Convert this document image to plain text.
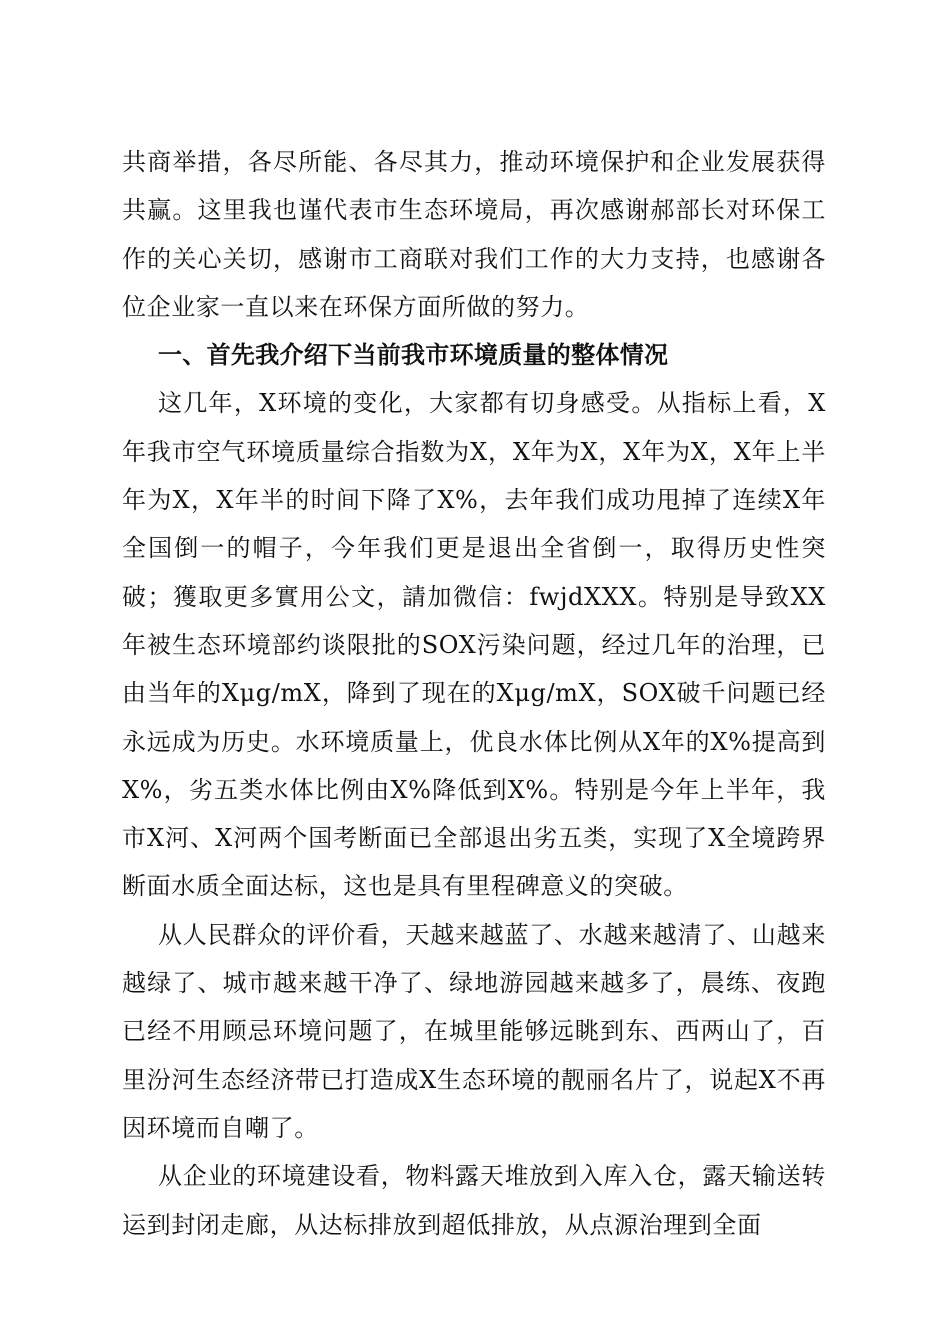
共商举措，各尽所能、各尽其力，推动环境保护和企业发展获得共赢。这里我也谨代表市生态环境局，再次感谢郝部长对环保工作的关心关切，感谢市工商联对我们工作的大力支持，也感谢各位企业家一直以来在环保方面所做的努力。

一、首先我介绍下当前我市环境质量的整体情况

这几年，X环境的变化，大家都有切身感受。从指标上看，X年我市空气环境质量综合指数为X，X年为X，X年为X，X年上半年为X，X年半的时间下降了X%，去年我们成功甩掉了连续X年全国倒一的帽子，今年我们更是退出全省倒一，取得历史性突破；獲取更多實用公文，請加微信：fwjdXXX。特别是导致XX年被生态环境部约谈限批的SOX污染问题，经过几年的治理，已由当年的Xμg/mX，降到了现在的Xμg/mX，SOX破千问题已经永远成为历史。水环境质量上，优良水体比例从X年的X%提高到X%，劣五类水体比例由X%降低到X%。特别是今年上半年，我市X河、X河两个国考断面已全部退出劣五类，实现了X全境跨界断面水质全面达标，这也是具有里程碑意义的突破。

从人民群众的评价看，天越来越蓝了、水越来越清了、山越来越绿了、城市越来越干净了、绿地游园越来越多了，晨练、夜跑已经不用顾忌环境问题了，在城里能够远眺到东、西两山了，百里汾河生态经济带已打造成X生态环境的靓丽名片了，说起X不再因环境而自嘲了。

从企业的环境建设看，物料露天堆放到入库入仓，露天输送转运到封闭走廊，从达标排放到超低排放，从点源治理到全面
